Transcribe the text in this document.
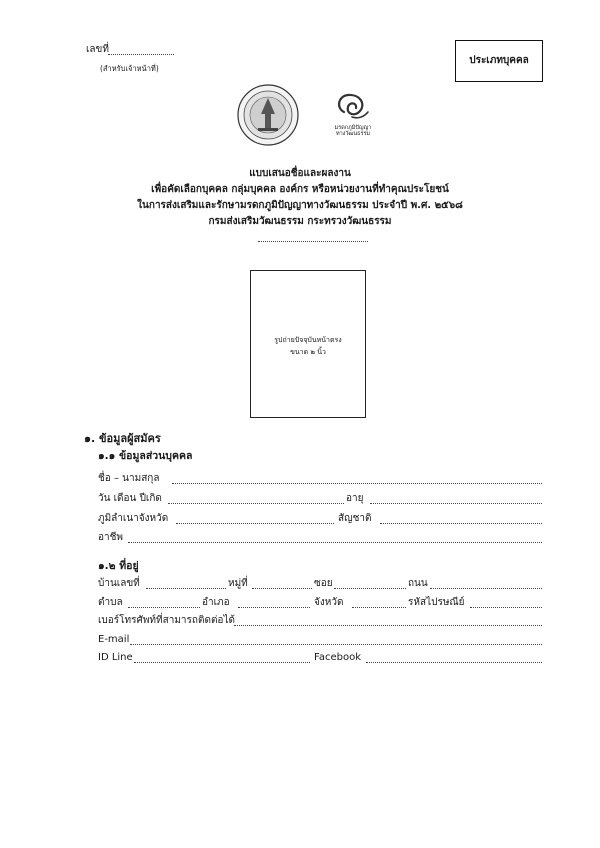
เลขที่
(สำหรับเจ้าหน้าที่)
ประเภทบุคคล
มรดกภูมิปัญญา
ทางวัฒนธรรม
แบบเสนอชื่อและผลงาน
เพื่อคัดเลือกบุคคล กลุ่มบุคคล องค์กร หรือหน่วยงานที่ทำคุณประโยชน์
ในการส่งเสริมและรักษามรดกภูมิปัญญาทางวัฒนธรรม ประจำปี พ.ศ. ๒๕๖๘
กรมส่งเสริมวัฒนธรรม กระทรวงวัฒนธรรม
รูปถ่ายปัจจุบันหน้าตรง
ขนาด ๒ นิ้ว
๑. ข้อมูลผู้สมัคร
๑.๑ ข้อมูลส่วนบุคคล
ชื่อ – นามสกุล
วัน เดือน ปีเกิด	อายุ
ภูมิลำเนาจังหวัด	สัญชาติ
อาชีพ
๑.๒ ที่อยู่
บ้านเลขที่	หมู่ที่	ซอย	ถนน
ตำบล	อำเภอ	จังหวัด	รหัสไปรษณีย์
เบอร์โทรศัพท์ที่สามารถติดต่อได้
E-mail
ID Line	Facebook
